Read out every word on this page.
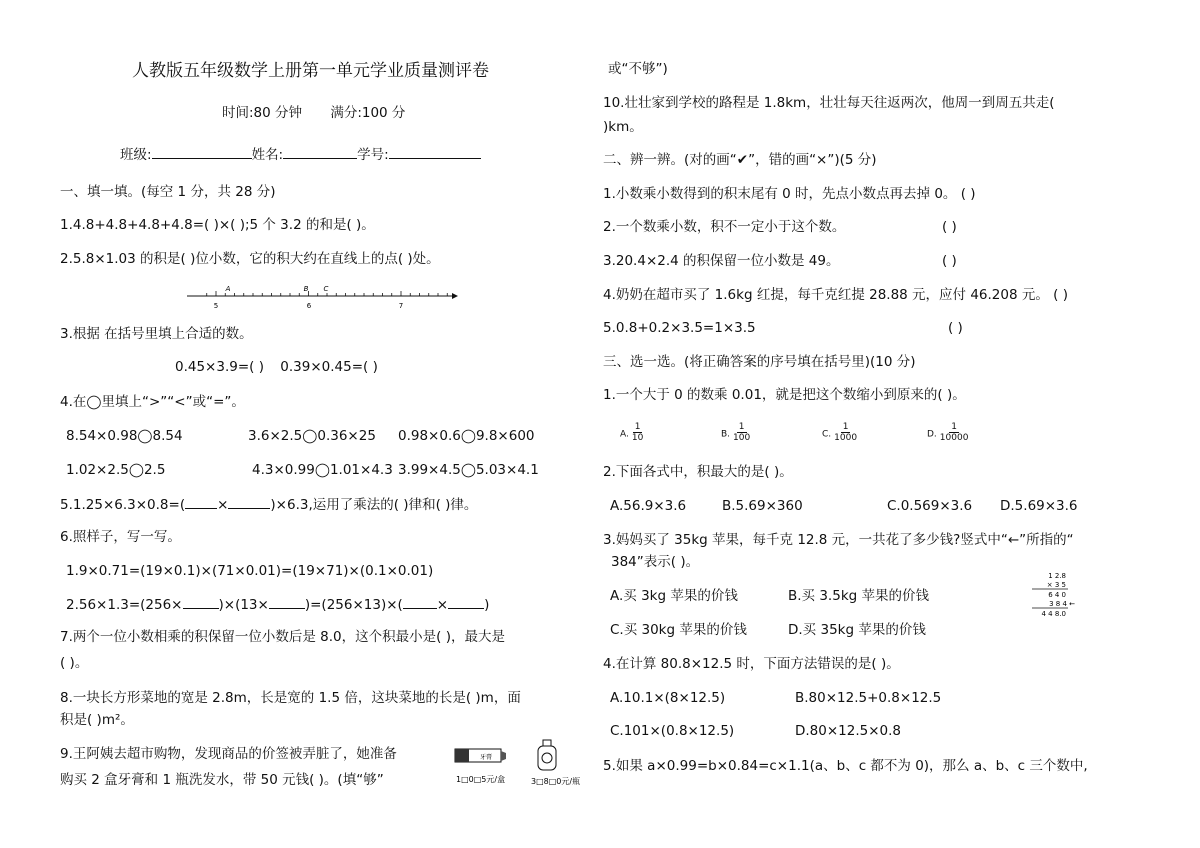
人教版五年级数学上册第一单元学业质量测评卷
时间:80 分钟 满分:100 分
班级:	姓名:	学号:
一、填一填。(每空 1 分，共 28 分)
1.4.8+4.8+4.8+4.8=( )×( );5 个 3.2 的和是( )。
2.5.8×1.03 的积是( )位小数，它的积大约在直线上的点( )处。
5	6	7
A	B C
3.根据 在括号里填上合适的数。
0.45×3.9=( ) 0.39×0.45=( )
4.在◯里填上“>”“<”或“=”。
8.54×0.98◯8.54	3.6×2.5◯0.36×25 0.98×0.6◯9.8×600
1.02×2.5◯2.5	4.3×0.99◯1.01×4.3 3.99×4.5◯5.03×4.1
5.1.25×6.3×0.8=( ×	)×6.3,运用了乘法的( )律和( )律。
6.照样子，写一写。
1.9×0.71=(19×0.1)×(71×0.01)=(19×71)×(0.1×0.01)
2.56×1.3=(256×	)×(13×	)=(256×13)×(	×	)
7.两个一位小数相乘的积保留一位小数后是 8.0，这个积最小是( )，最大是
( )。
8.一块长方形菜地的宽是 2.8m，长是宽的 1.5 倍，这块菜地的长是( )m，面
积是( )m²。
9.王阿姨去超市购物，发现商品的价签被弄脏了，她准备
购买 2 盒牙膏和 1 瓶洗发水，带 50 元钱( )。(填“够”
牙膏
1□0□5元/盒	3□8□0元/瓶
或“不够”)
10.壮壮家到学校的路程是 1.8km，壮壮每天往返两次，他周一到周五共走(
)km。
二、辨一辨。(对的画“✔”，错的画“×”)(5 分)
1.小数乘小数得到的积末尾有 0 时，先点小数点再去掉 0。 ( )
2.一个数乘小数，积不一定小于这个数。	( )
3.20.4×2.4 的积保留一位小数是 49。	( )
4.奶奶在超市买了 1.6kg 红提，每千克红提 28.88 元，应付 46.208 元。 ( )
5.0.8+0.2×3.5=1×3.5	( )
三、选一选。(将正确答案的序号填在括号里)(10 分)
1.一个大于 0 的数乘 0.01，就是把这个数缩小到原来的( )。
A. $\frac{1}{10}$	B. $\frac{1}{100}$	C. $\frac{1}{1000}$	D. $\frac{1}{10000}$
2.下面各式中，积最大的是( )。
A.56.9×3.6	B.5.69×360	C.0.569×3.6 D.5.69×3.6
3.妈妈买了 35kg 苹果，每千克 12.8 元，一共花了多少钱?竖式中“←”所指的“
384”表示( )。
A.买 3kg 苹果的价钱	B.买 3.5kg 苹果的价钱
C.买 30kg 苹果的价钱	D.买 35kg 苹果的价钱
1 2.8
× 3 5
6 4 0
3 8 4 ←
4 4 8.0
4.在计算 80.8×12.5 时，下面方法错误的是( )。
A.10.1×(8×12.5)	B.80×12.5+0.8×12.5
C.101×(0.8×12.5)	D.80×12.5×0.8
5.如果 a×0.99=b×0.84=c×1.1(a、b、c 都不为 0)，那么 a、b、c 三个数中,
